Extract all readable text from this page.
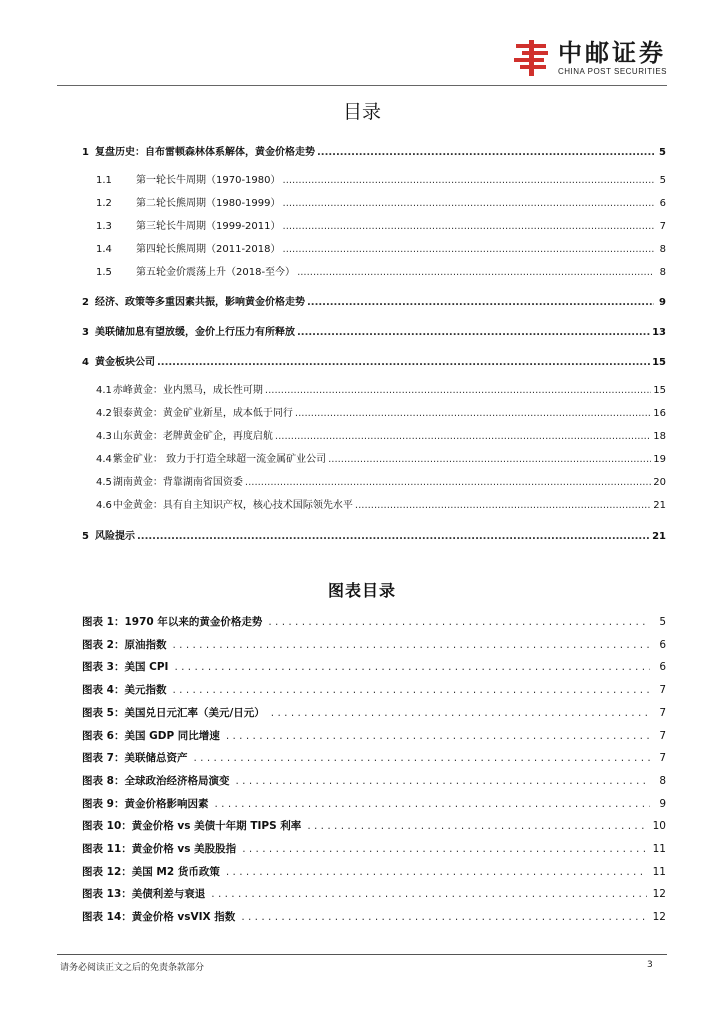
中邮证券
CHINA POST SECURITIES
目录
1 复盘历史：自布雷顿森林体系解体，黄金价格走势 .....	5
1.1	第一轮长牛周期（1970-1980） .....	5
1.2	第二轮长熊周期（1980-1999） .....	6
1.3	第三轮长牛周期（1999-2011） .....	7
1.4	第四轮长熊周期（2011-2018） .....	8
1.5	第五轮金价震荡上升（2018-至今） .....	8
2 经济、政策等多重因素共振，影响黄金价格走势 .....	9
3 美联储加息有望放缓，金价上行压力有所释放 .....	13
4 黄金板块公司 .....	15
4.1 赤峰黄金：业内黑马，成长性可期 .....	15
4.2 银泰黄金：黄金矿业新星，成本低于同行 .....	16
4.3 山东黄金：老牌黄金矿企，再度启航 .....	18
4.4 紫金矿业： 致力于打造全球超一流金属矿业公司 .....	19
4.5 湖南黄金：背靠湖南省国资委 .....	20
4.6 中金黄金：具有自主知识产权，核心技术国际领先水平 .....	21
5 风险提示 .....	21
图表目录
图表 1：1970 年以来的黄金价格走势 . . .	5
图表 2：原油指数 . . .	6
图表 3：美国 CPI . . .	6
图表 4：美元指数 . . .	7
图表 5：美国兑日元汇率（美元/日元） . . .	7
图表 6：美国 GDP 同比增速 . . .	7
图表 7：美联储总资产 . . .	7
图表 8：全球政治经济格局演变 . . .	8
图表 9：黄金价格影响因素 . . .	9
图表 10：黄金价格 vs 美债十年期 TIPS 利率 . . .	10
图表 11：黄金价格 vs 美股股指 . . .	11
图表 12：美国 M2 货币政策 . . .	11
图表 13：美债利差与衰退 . . .	12
图表 14：黄金价格 vsVIX 指数 . . .	12
请务必阅读正文之后的免责条款部分	3
